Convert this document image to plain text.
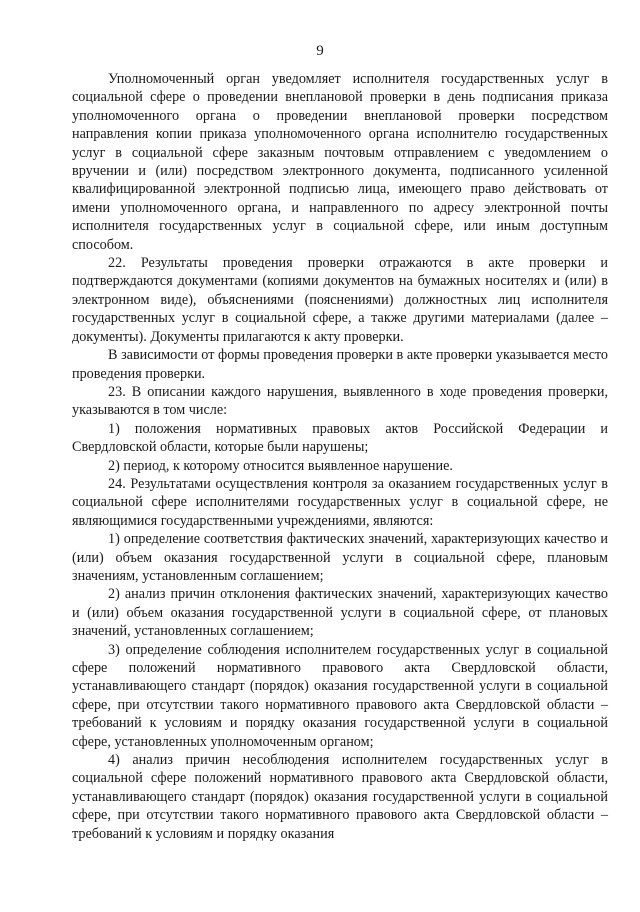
9

Уполномоченный орган уведомляет исполнителя государственных услуг в социальной сфере о проведении внеплановой проверки в день подписания приказа уполномоченного органа о проведении внеплановой проверки посредством направления копии приказа уполномоченного органа исполнителю государственных услуг в социальной сфере заказным почтовым отправлением с уведомлением о вручении и (или) посредством электронного документа, подписанного усиленной квалифицированной электронной подписью лица, имеющего право действовать от имени уполномоченного органа, и направленного по адресу электронной почты исполнителя государственных услуг в социальной сфере, или иным доступным способом.

22. Результаты проведения проверки отражаются в акте проверки и подтверждаются документами (копиями документов на бумажных носителях и (или) в электронном виде), объяснениями (пояснениями) должностных лиц исполнителя государственных услуг в социальной сфере, а также другими материалами (далее – документы). Документы прилагаются к акту проверки.

В зависимости от формы проведения проверки в акте проверки указывается место проведения проверки.

23. В описании каждого нарушения, выявленного в ходе проведения проверки, указываются в том числе:

1) положения нормативных правовых актов Российской Федерации и Свердловской области, которые были нарушены;

2) период, к которому относится выявленное нарушение.

24. Результатами осуществления контроля за оказанием государственных услуг в социальной сфере исполнителями государственных услуг в социальной сфере, не являющимися государственными учреждениями, являются:

1) определение соответствия фактических значений, характеризующих качество и (или) объем оказания государственной услуги в социальной сфере, плановым значениям, установленным соглашением;

2) анализ причин отклонения фактических значений, характеризующих качество и (или) объем оказания государственной услуги в социальной сфере, от плановых значений, установленных соглашением;

3) определение соблюдения исполнителем государственных услуг в социальной сфере положений нормативного правового акта Свердловской области, устанавливающего стандарт (порядок) оказания государственной услуги в социальной сфере, при отсутствии такого нормативного правового акта Свердловской области – требований к условиям и порядку оказания государственной услуги в социальной сфере, установленных уполномоченным органом;

4) анализ причин несоблюдения исполнителем государственных услуг в социальной сфере положений нормативного правового акта Свердловской области, устанавливающего стандарт (порядок) оказания государственной услуги в социальной сфере, при отсутствии такого нормативного правового акта Свердловской области – требований к условиям и порядку оказания
